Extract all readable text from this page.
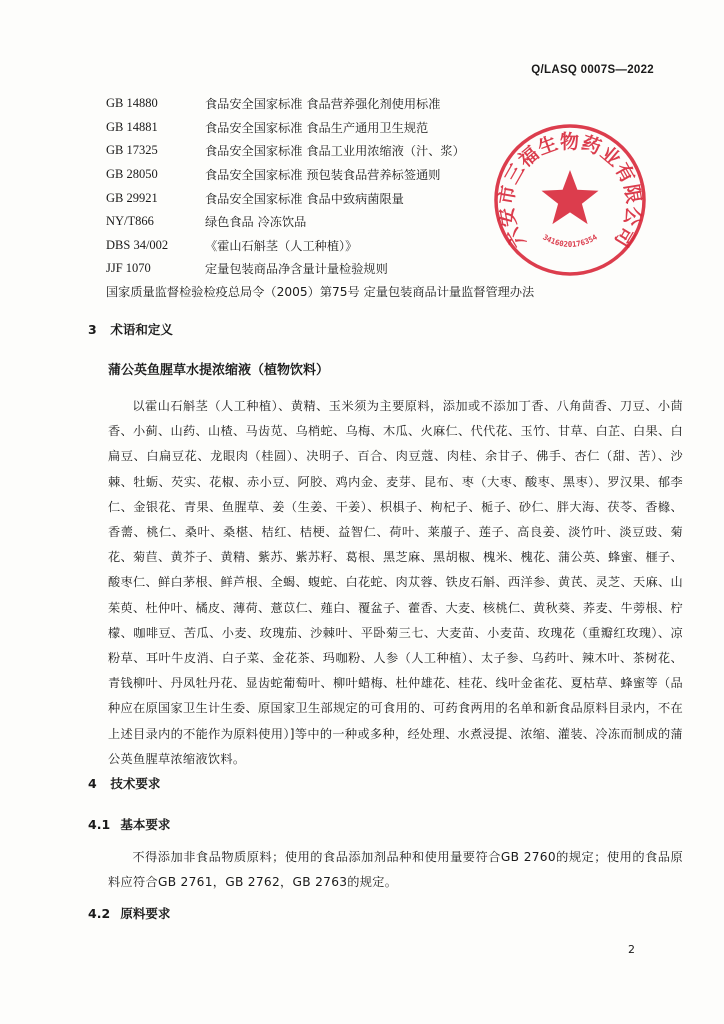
Q/LASQ 0007S—2022
GB 14880	食品安全国家标准 食品营养强化剂使用标准
GB 14881	食品安全国家标准 食品生产通用卫生规范
GB 17325	食品安全国家标准 食品工业用浓缩液（汁、浆）
GB 28050	食品安全国家标准 预包装食品营养标签通则
GB 29921	食品安全国家标准 食品中致病菌限量
NY/T866	绿色食品 冷冻饮品
DBS 34/002	《霍山石斛茎（人工种植）》
JJF 1070	定量包装商品净含量计量检验规则
国家质量监督检验检疫总局令（2005）第75号 定量包装商品计量监督管理办法
六安市三福生物药业有限公司
3416020176354
3 术语和定义
蒲公英鱼腥草水提浓缩液（植物饮料）
以霍山石斛茎（人工种植）、黄精、玉米须为主要原料，添加或不添加丁香、八角茴香、刀豆、小茴香、小蓟、山药、山楂、马齿苋、乌梢蛇、乌梅、木瓜、火麻仁、代代花、玉竹、甘草、白芷、白果、白扁豆、白扁豆花、龙眼肉（桂圆）、决明子、百合、肉豆蔻、肉桂、余甘子、佛手、杏仁（甜、苦）、沙棘、牡蛎、芡实、花椒、赤小豆、阿胶、鸡内金、麦芽、昆布、枣（大枣、酸枣、黑枣）、罗汉果、郁李仁、金银花、青果、鱼腥草、姜（生姜、干姜）、枳椇子、枸杞子、栀子、砂仁、胖大海、茯苓、香橼、香薷、桃仁、桑叶、桑椹、桔红、桔梗、益智仁、荷叶、莱菔子、莲子、高良姜、淡竹叶、淡豆豉、菊花、菊苣、黄芥子、黄精、紫苏、紫苏籽、葛根、黑芝麻、黑胡椒、槐米、槐花、蒲公英、蜂蜜、榧子、酸枣仁、鲜白茅根、鲜芦根、全蝎、蝮蛇、白花蛇、肉苁蓉、铁皮石斛、西洋参、黄芪、灵芝、天麻、山茱萸、杜仲叶、橘皮、薄荷、薏苡仁、薤白、覆盆子、藿香、大麦、核桃仁、黄秋葵、荞麦、牛蒡根、柠檬、咖啡豆、苦瓜、小麦、玫瑰茄、沙棘叶、平卧菊三七、大麦苗、小麦苗、玫瑰花（重瓣红玫瑰）、凉粉草、耳叶牛皮消、白子菜、金花茶、玛咖粉、人参（人工种植）、太子参、乌药叶、辣木叶、茶树花、青钱柳叶、丹凤牡丹花、显齿蛇葡萄叶、柳叶蜡梅、杜仲雄花、桂花、线叶金雀花、夏枯草、蜂蜜等（品种应在原国家卫生计生委、原国家卫生部规定的可食用的、可药食两用的名单和新食品原料目录内，不在上述目录内的不能作为原料使用）]等中的一种或多种，经处理、水煮浸提、浓缩、灌装、冷冻而制成的蒲公英鱼腥草浓缩液饮料。
4 技术要求
4.1 基本要求
不得添加非食品物质原料；使用的食品添加剂品种和使用量要符合GB 2760的规定；使用的食品原料应符合GB 2761，GB 2762，GB 2763的规定。
4.2 原料要求
2
